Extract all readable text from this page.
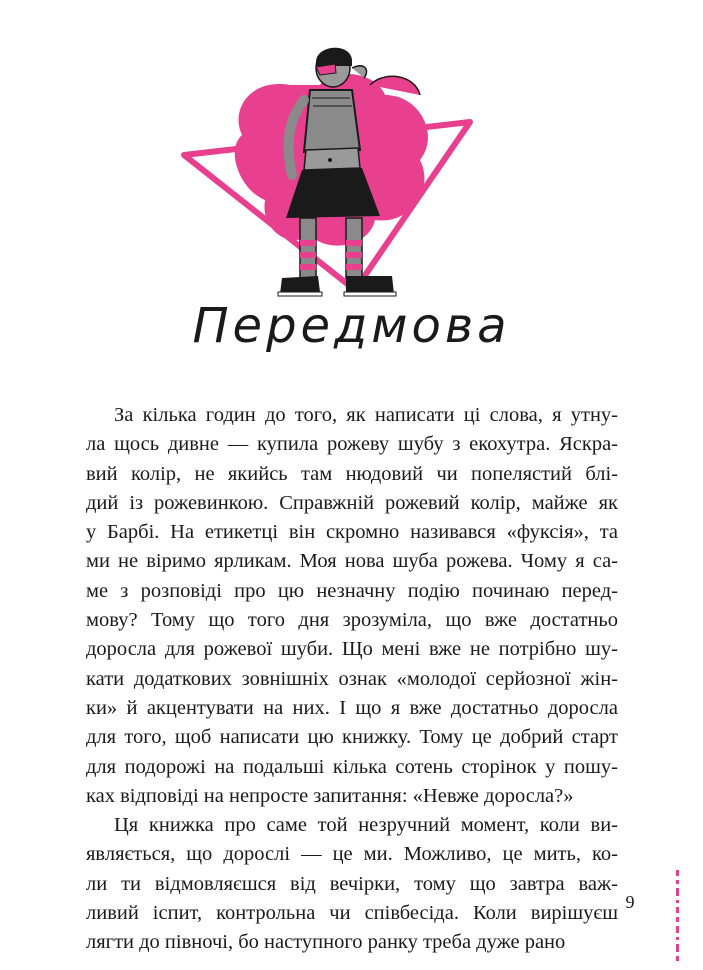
Передмова
За кілька годин до того, як написати ці слова, я утну-
ла щось дивне — купила рожеву шубу з екохутра. Яскра-
вий колір, не якийсь там нюдовий чи попелястий блі-
дий із рожевинкою. Справжній рожевий колір, майже як
у Барбі. На етикетці він скромно називався «фуксія», та
ми не віримо ярликам. Моя нова шуба рожева. Чому я са-
ме з розповіді про цю незначну подію починаю перед-
мову? Тому що того дня зрозуміла, що вже достатньо
доросла для рожевої шуби. Що мені вже не потрібно шу-
кати додаткових зовнішніх ознак «молодої серйозної жін-
ки» й акцентувати на них. І що я вже достатньо доросла
для того, щоб написати цю книжку. Тому це добрий старт
для подорожі на подальші кілька сотень сторінок у пошу-
ках відповіді на непросте запитання: «Невже доросла?»
Ця книжка про саме той незручний момент, коли ви-
являється, що дорослі — це ми. Можливо, це мить, ко-
ли ти відмовляєшся від вечірки, тому що завтра важ-
ливий іспит, контрольна чи співбесіда. Коли вирішуєш
лягти до півночі, бо наступного ранку треба дуже рано
9
